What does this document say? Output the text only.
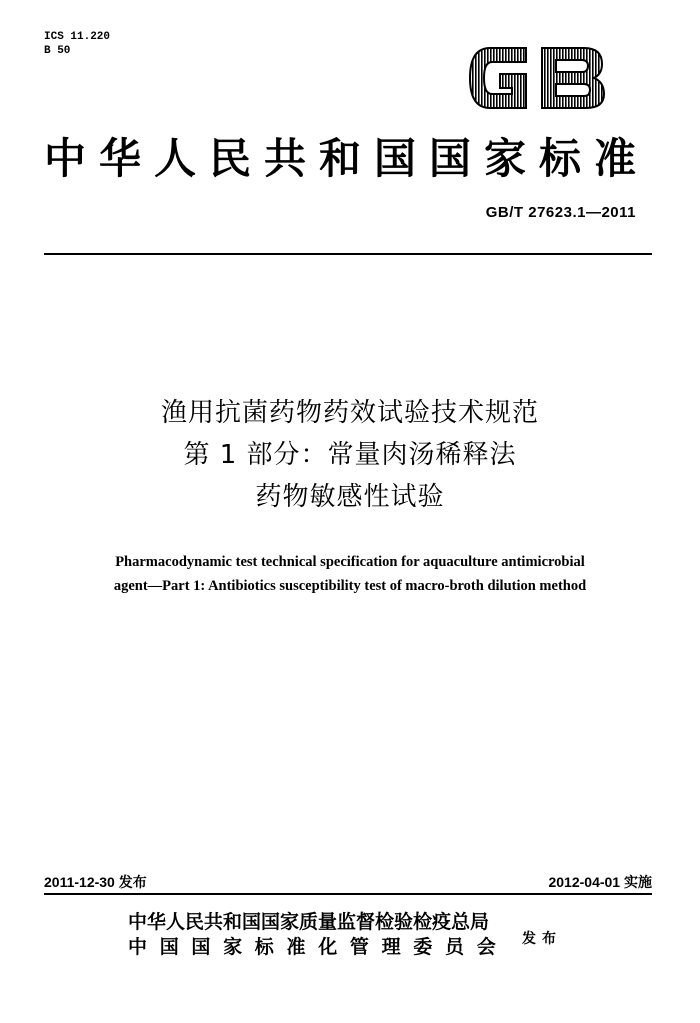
ICS 11.220
B 50
中华人民共和国国家标准
GB/T 27623.1—2011
渔用抗菌药物药效试验技术规范
第 1 部分：常量肉汤稀释法
药物敏感性试验
Pharmacodynamic test technical specification for aquaculture antimicrobial
agent—Part 1: Antibiotics susceptibility test of macro-broth dilution method
2011-12-30 发布	2012-04-01 实施
中华人民共和国国家质量监督检验检疫总局
中国国家标准化管理委员会 发布
